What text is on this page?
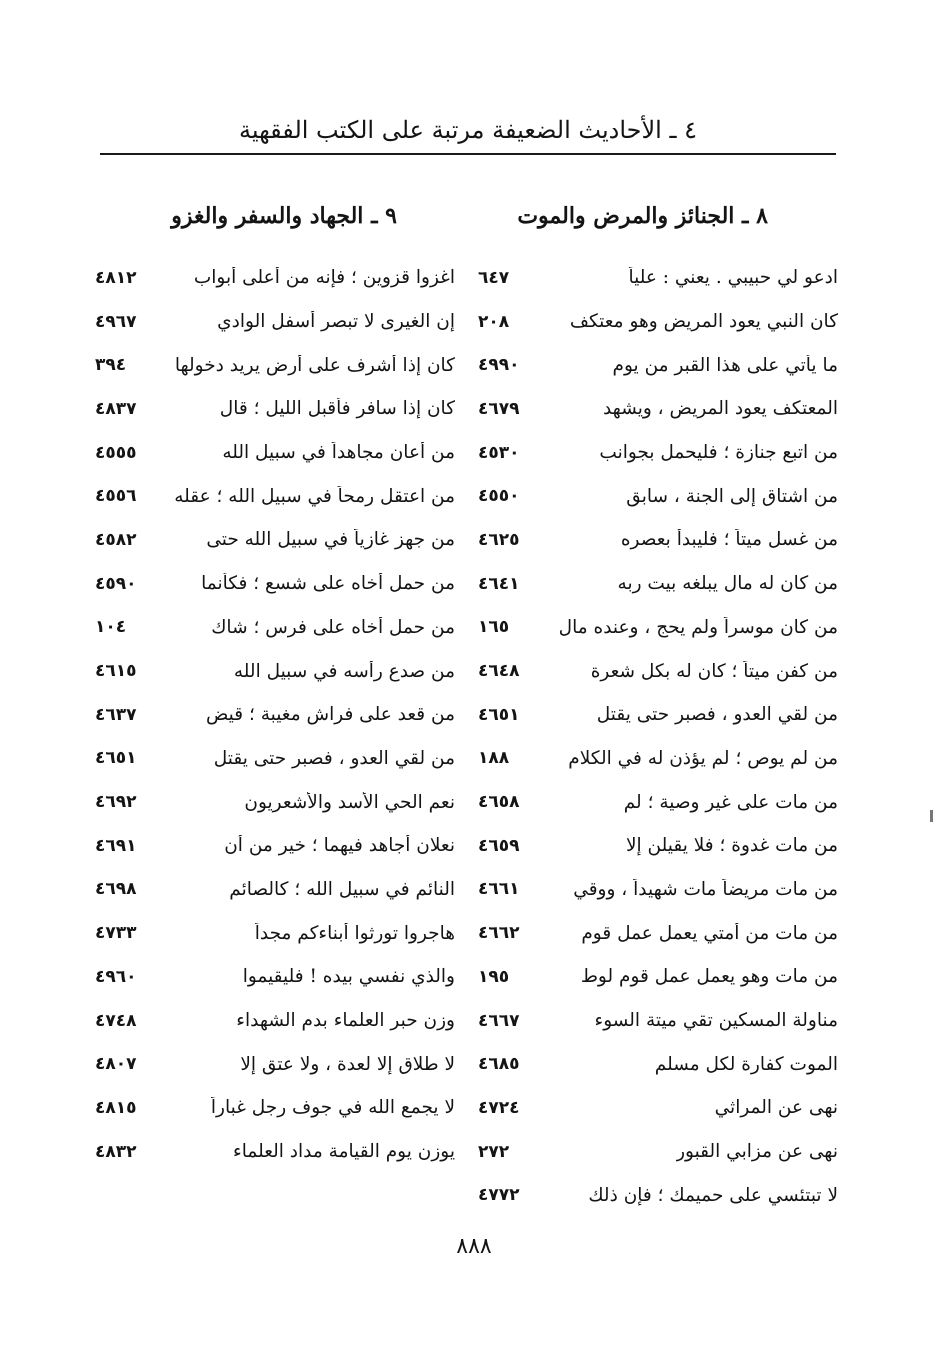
٤ ـ الأحاديث الضعيفة مرتبة على الكتب الفقهية
٨ ـ الجنائز والمرض والموت
ادعو لي حبيبي . يعني : علياً
٦٤٧
كان النبي يعود المريض وهو معتكف
٢٠٨
ما يأتي على هذا القبر من يوم
٤٩٩٠
المعتكف يعود المريض ، ويشهد
٤٦٧٩
من اتبع جنازة ؛ فليحمل بجوانب
٤٥٣٠
من اشتاق إلى الجنة ، سابق
٤٥٥٠
من غسل ميتاً ؛ فليبدأ بعصره
٤٦٢٥
من كان له مال يبلغه بيت ربه
٤٦٤١
من كان موسراً ولم يحج ، وعنده مال
١٦٥
من كفن ميتاً ؛ كان له بكل شعرة
٤٦٤٨
من لقي العدو ، فصبر حتى يقتل
٤٦٥١
من لم يوص ؛ لم يؤذن له في الكلام
١٨٨
من مات على غير وصية ؛ لم
٤٦٥٨
من مات غدوة ؛ فلا يقيلن إلا
٤٦٥٩
من مات مريضاً مات شهيداً ، ووقي
٤٦٦١
من مات من أمتي يعمل عمل قوم
٤٦٦٢
من مات وهو يعمل عمل قوم لوط
١٩٥
مناولة المسكين تقي ميتة السوء
٤٦٦٧
الموت كفارة لكل مسلم
٤٦٨٥
نهى عن المراثي
٤٧٢٤
نهى عن مزابي القبور
٢٧٢
لا تبتئسي على حميمك ؛ فإن ذلك
٤٧٧٢
٩ ـ الجهاد والسفر والغزو
اغزوا قزوين ؛ فإنه من أعلى أبواب
٤٨١٢
إن الغيرى لا تبصر أسفل الوادي
٤٩٦٧
كان إذا أشرف على أرض يريد دخولها
٣٩٤
كان إذا سافر فأقبل الليل ؛ قال
٤٨٣٧
من أعان مجاهداً في سبيل الله
٤٥٥٥
من اعتقل رمحاً في سبيل الله ؛ عقله
٤٥٥٦
من جهز غازياً في سبيل الله حتى
٤٥٨٢
من حمل أخاه على شسع ؛ فكأنما
٤٥٩٠
من حمل أخاه على فرس ؛ شاك
١٠٤
من صدع رأسه في سبيل الله
٤٦١٥
من قعد على فراش مغيبة ؛ قيض
٤٦٣٧
من لقي العدو ، فصبر حتى يقتل
٤٦٥١
نعم الحي الأسد والأشعريون
٤٦٩٢
نعلان أجاهد فيهما ؛ خير من أن
٤٦٩١
النائم في سبيل الله ؛ كالصائم
٤٦٩٨
هاجروا تورثوا أبناءكم مجداً
٤٧٣٣
والذي نفسي بيده ! فليقيموا
٤٩٦٠
وزن حبر العلماء بدم الشهداء
٤٧٤٨
لا طلاق إلا لعدة ، ولا عتق إلا
٤٨٠٧
لا يجمع الله في جوف رجل غباراً
٤٨١٥
يوزن يوم القيامة مداد العلماء
٤٨٣٢
٨٨٨
